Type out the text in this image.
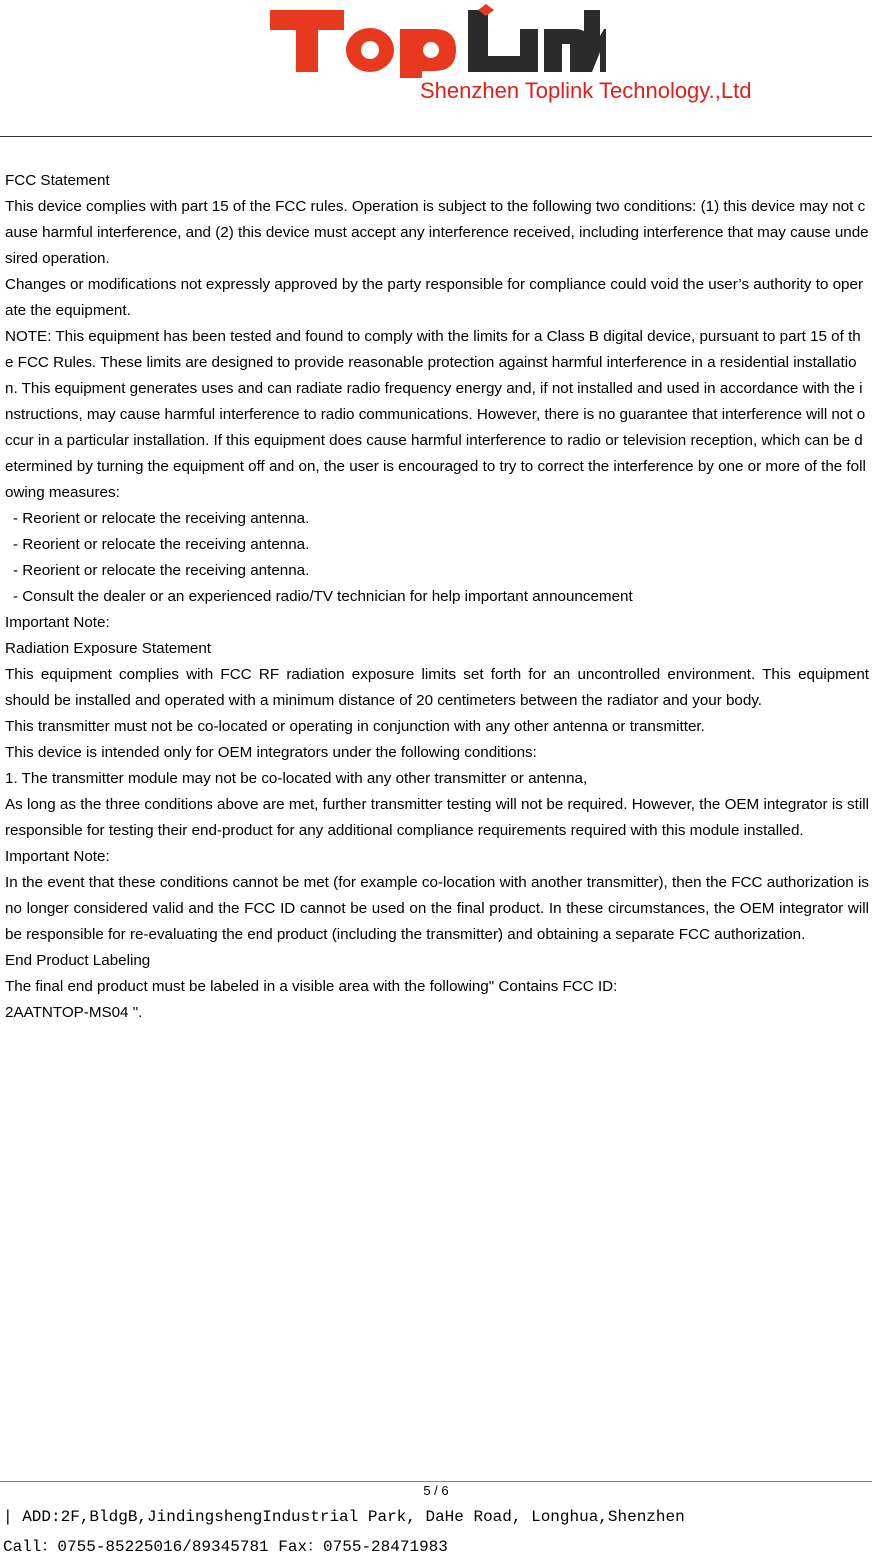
Shenzhen Toplink Technology.,Ltd

FCC Statement

This device complies with part 15 of the FCC rules. Operation is subject to the following two conditions: (1) this device may not cause harmful interference, and (2) this device must accept any interference received, including interference that may cause undesired operation.

Changes or modifications not expressly approved by the party responsible for compliance could void the user’s authority to operate the equipment.

NOTE: This equipment has been tested and found to comply with the limits for a Class B digital device, pursuant to part 15 of the FCC Rules. These limits are designed to provide reasonable protection against harmful interference in a residential installation. This equipment generates uses and can radiate radio frequency energy and, if not installed and used in accordance with the instructions, may cause harmful interference to radio communications. However, there is no guarantee that interference will not occur in a particular installation. If this equipment does cause harmful interference to radio or television reception, which can be determined by turning the equipment off and on, the user is encouraged to try to correct the interference by one or more of the following measures:

‐ Reorient or relocate the receiving antenna.

‐ Reorient or relocate the receiving antenna.

‐ Reorient or relocate the receiving antenna.

‐ Consult the dealer or an experienced radio/TV technician for help important announcement

Important Note:

Radiation Exposure Statement

This equipment complies with FCC RF radiation exposure limits set forth for an uncontrolled environment. This equipment should be installed and operated with a minimum distance of 20 centimeters between the radiator and your body.

This transmitter must not be co-located or operating in conjunction with any other antenna or transmitter.

This device is intended only for OEM integrators under the following conditions:

1. The transmitter module may not be co-located with any other transmitter or antenna,

As long as the three conditions above are met, further transmitter testing will not be required. However, the OEM integrator is still responsible for testing their end-product for any additional compliance requirements required with this module installed.

Important Note:

In the event that these conditions cannot be met (for example co-location with another transmitter), then the FCC authorization is no longer considered valid and the FCC ID cannot be used on the final product. In these circumstances, the OEM integrator will be responsible for re-evaluating the end product (including the transmitter) and obtaining a separate FCC authorization.

End Product Labeling

The final end product must be labeled in a visible area with the following" Contains FCC ID:

2AATNTOP-MS04 ".

5 / 6
| ADD:2F,BldgB,JindingshengIndustrial Park, DaHe Road, Longhua,Shenzhen
Call：0755-85225016/89345781 Fax：0755-28471983
